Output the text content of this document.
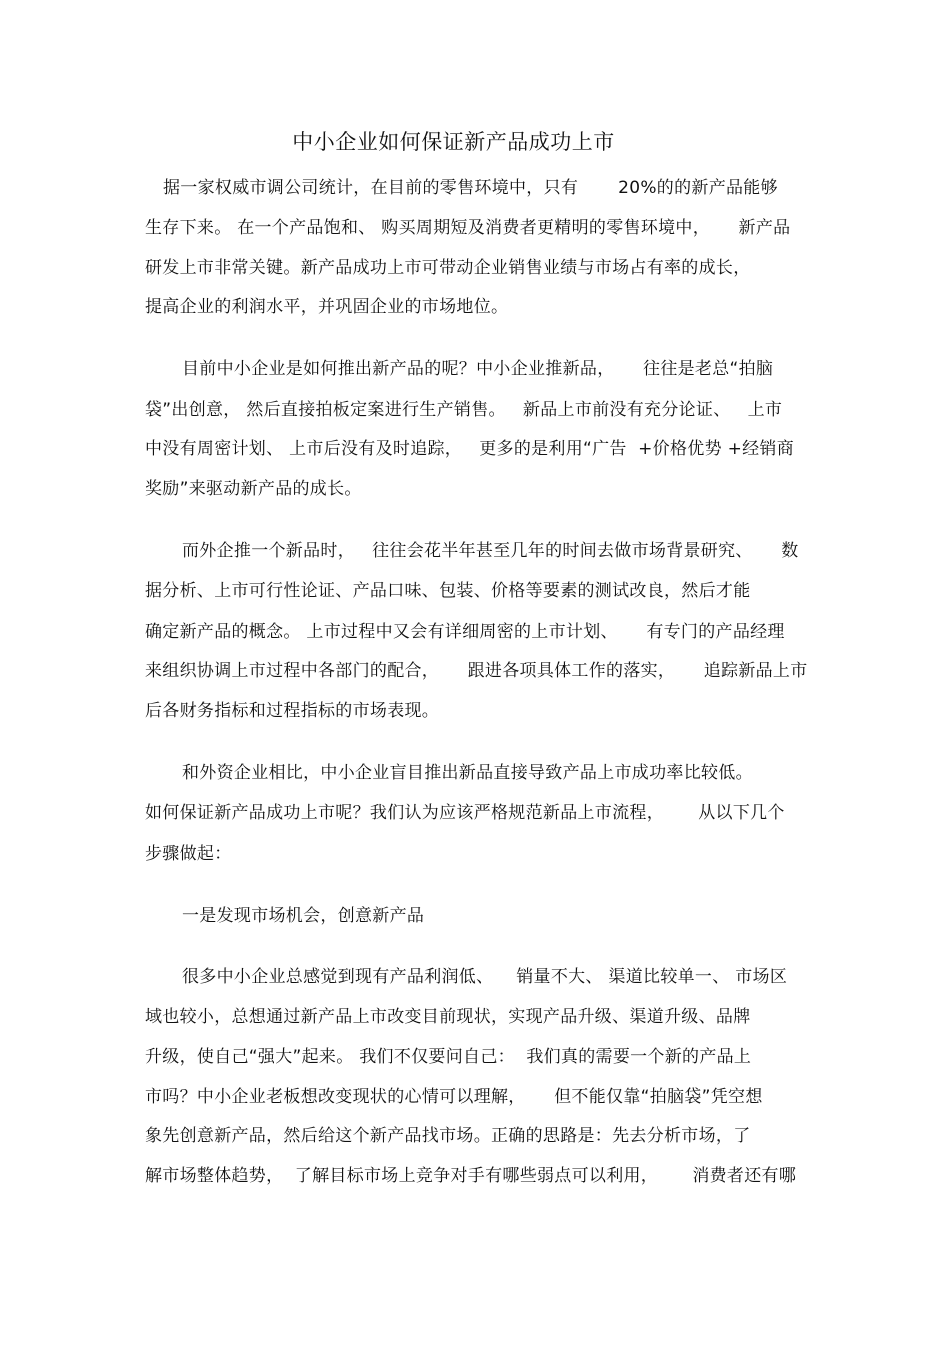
中小企业如何保证新产品成功上市
据一家权威市调公司统计，在目前的零售环境中，只有       20%的的新产品能够
生存下来。 在一个产品饱和、 购买周期短及消费者更精明的零售环境中，     新产品
研发上市非常关键。新产品成功上市可带动企业销售业绩与市场占有率的成长，
提高企业的利润水平，并巩固企业的市场地位。
目前中小企业是如何推出新产品的呢？中小企业推新品，     往往是老总“拍脑
袋”出创意， 然后直接拍板定案进行生产销售。   新品上市前没有充分论证、   上市
中没有周密计划、 上市后没有及时追踪，   更多的是利用“广告  +价格优势 +经销商
奖励”来驱动新产品的成长。
而外企推一个新品时，   往往会花半年甚至几年的时间去做市场背景研究、     数
据分析、上市可行性论证、产品口味、包装、价格等要素的测试改良，然后才能
确定新产品的概念。 上市过程中又会有详细周密的上市计划、     有专门的产品经理
来组织协调上市过程中各部门的配合，     跟进各项具体工作的落实，     追踪新品上市
后各财务指标和过程指标的市场表现。
和外资企业相比，中小企业盲目推出新品直接导致产品上市成功率比较低。
如何保证新产品成功上市呢？我们认为应该严格规范新品上市流程，      从以下几个
步骤做起：
一是发现市场机会，创意新产品
很多中小企业总感觉到现有产品利润低、    销量不大、 渠道比较单一、 市场区
域也较小，总想通过新产品上市改变目前现状，实现产品升级、渠道升级、品牌
升级，使自己“强大”起来。 我们不仅要问自己：  我们真的需要一个新的产品上
市吗？中小企业老板想改变现状的心情可以理解，     但不能仅靠“拍脑袋”凭空想
象先创意新产品，然后给这个新产品找市场。正确的思路是：先去分析市场，了
解市场整体趋势，  了解目标市场上竞争对手有哪些弱点可以利用，      消费者还有哪
